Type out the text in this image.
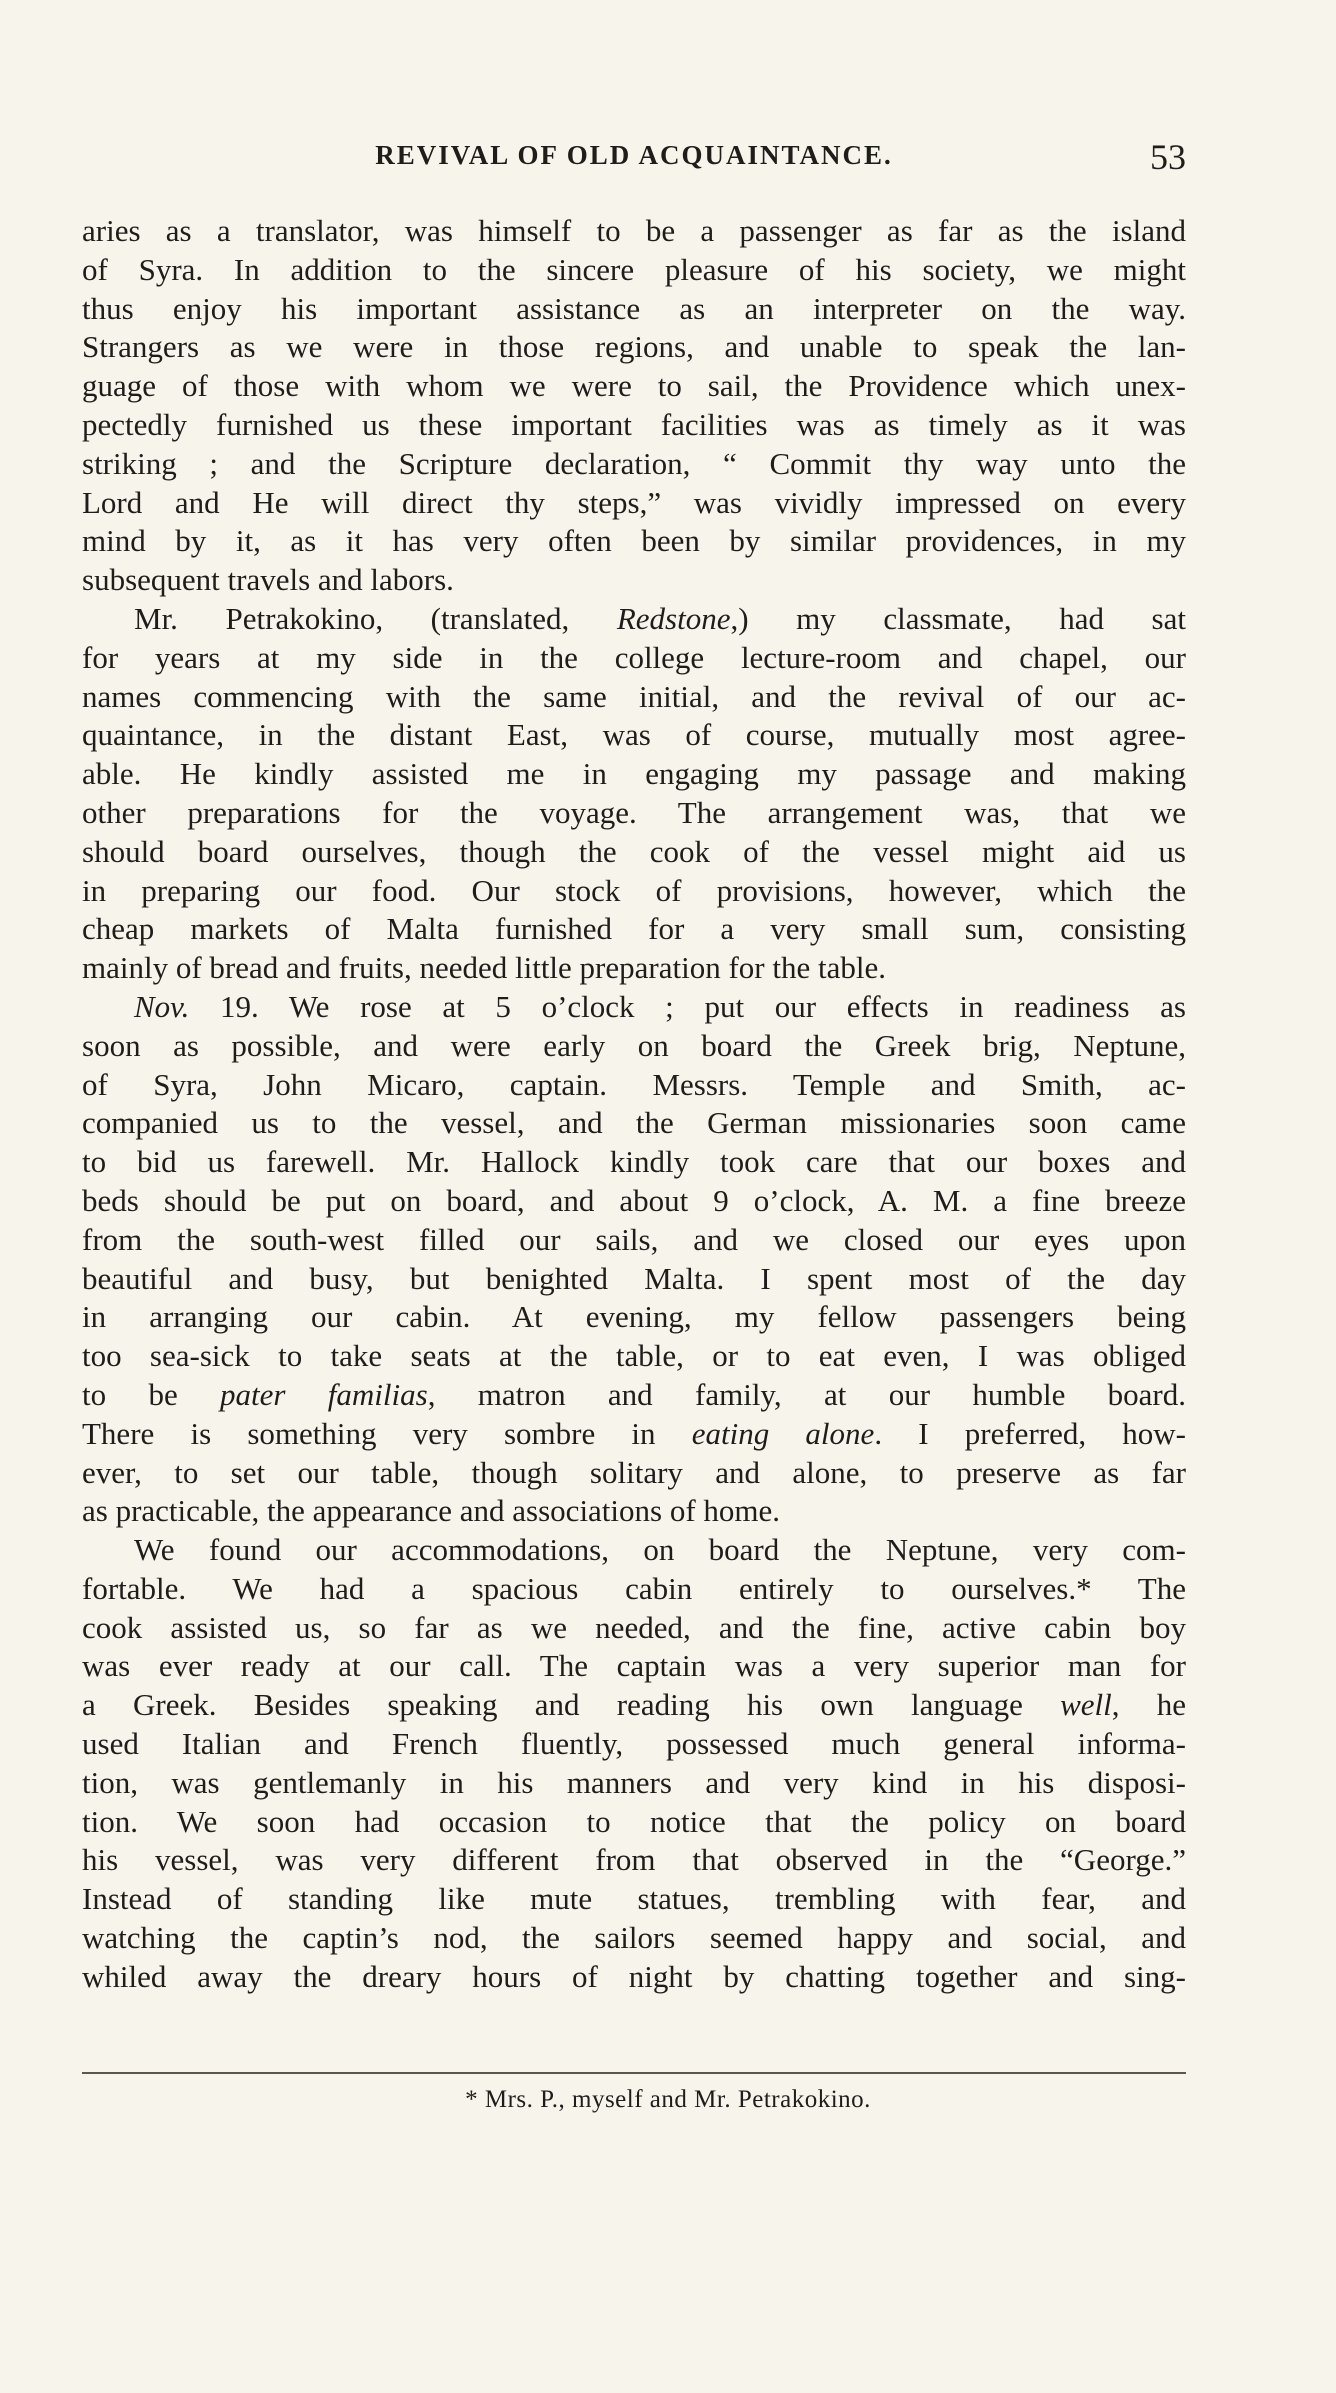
REVIVAL OF OLD ACQUAINTANCE.	53
aries as a translator, was himself to be a passenger as far as the island
of Syra. In addition to the sincere pleasure of his society, we might
thus enjoy his important assistance as an interpreter on the way.
Strangers as we were in those regions, and unable to speak the lan-
guage of those with whom we were to sail, the Providence which unex-
pectedly furnished us these important facilities was as timely as it was
striking ; and the Scripture declaration, “ Commit thy way unto the
Lord and He will direct thy steps,” was vividly impressed on every
mind by it, as it has very often been by similar providences, in my
subsequent travels and labors.
Mr. Petrakokino, (translated, Redstone,) my classmate, had sat
for years at my side in the college lecture-room and chapel, our
names commencing with the same initial, and the revival of our ac-
quaintance, in the distant East, was of course, mutually most agree-
able. He kindly assisted me in engaging my passage and making
other preparations for the voyage. The arrangement was, that we
should board ourselves, though the cook of the vessel might aid us
in preparing our food. Our stock of provisions, however, which the
cheap markets of Malta furnished for a very small sum, consisting
mainly of bread and fruits, needed little preparation for the table.
Nov. 19. We rose at 5 o’clock ; put our effects in readiness as
soon as possible, and were early on board the Greek brig, Neptune,
of Syra, John Micaro, captain. Messrs. Temple and Smith, ac-
companied us to the vessel, and the German missionaries soon came
to bid us farewell. Mr. Hallock kindly took care that our boxes and
beds should be put on board, and about 9 o’clock, A. M. a fine breeze
from the south-west filled our sails, and we closed our eyes upon
beautiful and busy, but benighted Malta. I spent most of the day
in arranging our cabin. At evening, my fellow passengers being
too sea-sick to take seats at the table, or to eat even, I was obliged
to be pater familias, matron and family, at our humble board.
There is something very sombre in eating alone. I preferred, how-
ever, to set our table, though solitary and alone, to preserve as far
as practicable, the appearance and associations of home.
We found our accommodations, on board the Neptune, very com-
fortable. We had a spacious cabin entirely to ourselves.* The
cook assisted us, so far as we needed, and the fine, active cabin boy
was ever ready at our call. The captain was a very superior man for
a Greek. Besides speaking and reading his own language well, he
used Italian and French fluently, possessed much general informa-
tion, was gentlemanly in his manners and very kind in his disposi-
tion. We soon had occasion to notice that the policy on board
his vessel, was very different from that observed in the “George.”
Instead of standing like mute statues, trembling with fear, and
watching the captin’s nod, the sailors seemed happy and social, and
whiled away the dreary hours of night by chatting together and sing-
* Mrs. P., myself and Mr. Petrakokino.
